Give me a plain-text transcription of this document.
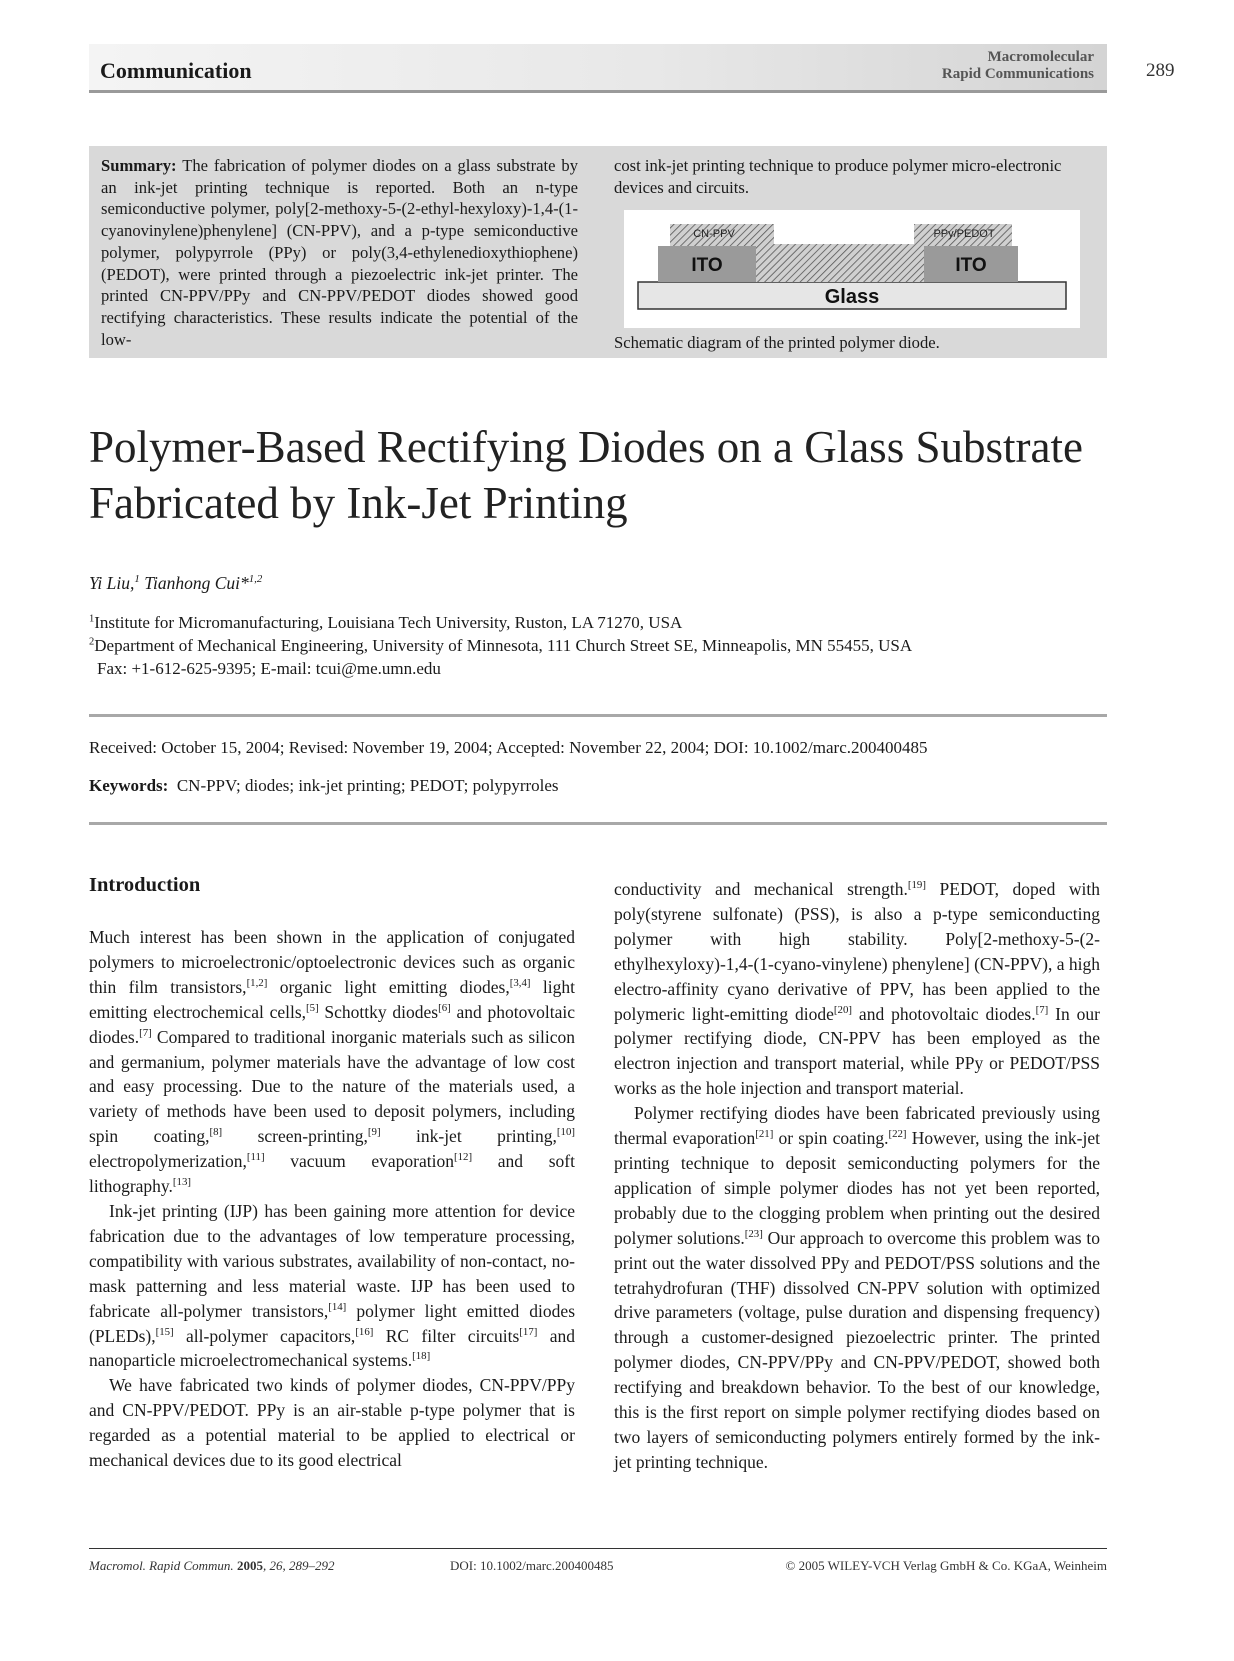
Communication
Macromolecular
Rapid Communications	289
Summary: The fabrication of polymer diodes on a glass substrate by an ink-jet printing technique is reported. Both an n-type semiconductive polymer, poly[2-methoxy-5-(2-ethyl-hexyloxy)-1,4-(1-cyanovinylene)phenylene] (CN-PPV), and a p-type semiconductive polymer, polypyrrole (PPy) or poly(3,4-ethylenedioxythiophene) (PEDOT), were printed through a piezoelectric ink-jet printer. The printed CN-PPV/PPy and CN-PPV/PEDOT diodes showed good rectifying characteristics. These results indicate the potential of the low-
cost ink-jet printing technique to produce polymer micro-electronic devices and circuits.
Glass
ITO	ITO
CN-PPV	PPy/PEDOT
Schematic diagram of the printed polymer diode.
Polymer-Based Rectifying Diodes on a Glass Substrate Fabricated by Ink-Jet Printing
Yi Liu,$^1$ Tianhong Cui*$^{1,2}$
$^1$Institute for Micromanufacturing, Louisiana Tech University, Ruston, LA 71270, USA
$^2$Department of Mechanical Engineering, University of Minnesota, 111 Church Street SE, Minneapolis, MN 55455, USA
Fax: +1-612-625-9395; E-mail: tcui@me.umn.edu
Received: October 15, 2004; Revised: November 19, 2004; Accepted: November 22, 2004; DOI: 10.1002/marc.200400485
Keywords: CN-PPV; diodes; ink-jet printing; PEDOT; polypyrroles
Introduction

Much interest has been shown in the application of conjugated polymers to microelectronic/optoelectronic devices such as organic thin film transistors,[1,2] organic light emitting diodes,[3,4] light emitting electrochemical cells,[5] Schottky diodes[6] and photovoltaic diodes.[7] Compared to traditional inorganic materials such as silicon and germanium, polymer materials have the advantage of low cost and easy processing. Due to the nature of the materials used, a variety of methods have been used to deposit polymers, including spin coating,[8] screen-printing,[9] ink-jet printing,[10] electropolymerization,[11] vacuum evaporation[12] and soft lithography.[13]

Ink-jet printing (IJP) has been gaining more attention for device fabrication due to the advantages of low temperature processing, compatibility with various substrates, availability of non-contact, no-mask patterning and less material waste. IJP has been used to fabricate all-polymer transistors,[14] polymer light emitted diodes (PLEDs),[15] all-polymer capacitors,[16] RC filter circuits[17] and nanoparticle microelectromechanical systems.[18]

We have fabricated two kinds of polymer diodes, CN-PPV/PPy and CN-PPV/PEDOT. PPy is an air-stable p-type polymer that is regarded as a potential material to be applied to electrical or mechanical devices due to its good electrical

conductivity and mechanical strength.[19] PEDOT, doped with poly(styrene sulfonate) (PSS), is also a p-type semiconducting polymer with high stability. Poly[2-methoxy-5-(2-ethylhexyloxy)-1,4-(1-cyano-vinylene) phenylene] (CN-PPV), a high electro-affinity cyano derivative of PPV, has been applied to the polymeric light-emitting diode[20] and photovoltaic diodes.[7] In our polymer rectifying diode, CN-PPV has been employed as the electron injection and transport material, while PPy or PEDOT/PSS works as the hole injection and transport material.

Polymer rectifying diodes have been fabricated previously using thermal evaporation[21] or spin coating.[22] However, using the ink-jet printing technique to deposit semiconducting polymers for the application of simple polymer diodes has not yet been reported, probably due to the clogging problem when printing out the desired polymer solutions.[23] Our approach to overcome this problem was to print out the water dissolved PPy and PEDOT/PSS solutions and the tetrahydrofuran (THF) dissolved CN-PPV solution with optimized drive parameters (voltage, pulse duration and dispensing frequency) through a customer-designed piezoelectric printer. The printed polymer diodes, CN-PPV/PPy and CN-PPV/PEDOT, showed both rectifying and breakdown behavior. To the best of our knowledge, this is the first report on simple polymer rectifying diodes based on two layers of semiconducting polymers entirely formed by the ink-jet printing technique.

Macromol. Rapid Commun. 2005, 26, 289–292	DOI: 10.1002/marc.200400485	© 2005 WILEY-VCH Verlag GmbH & Co. KGaA, Weinheim
